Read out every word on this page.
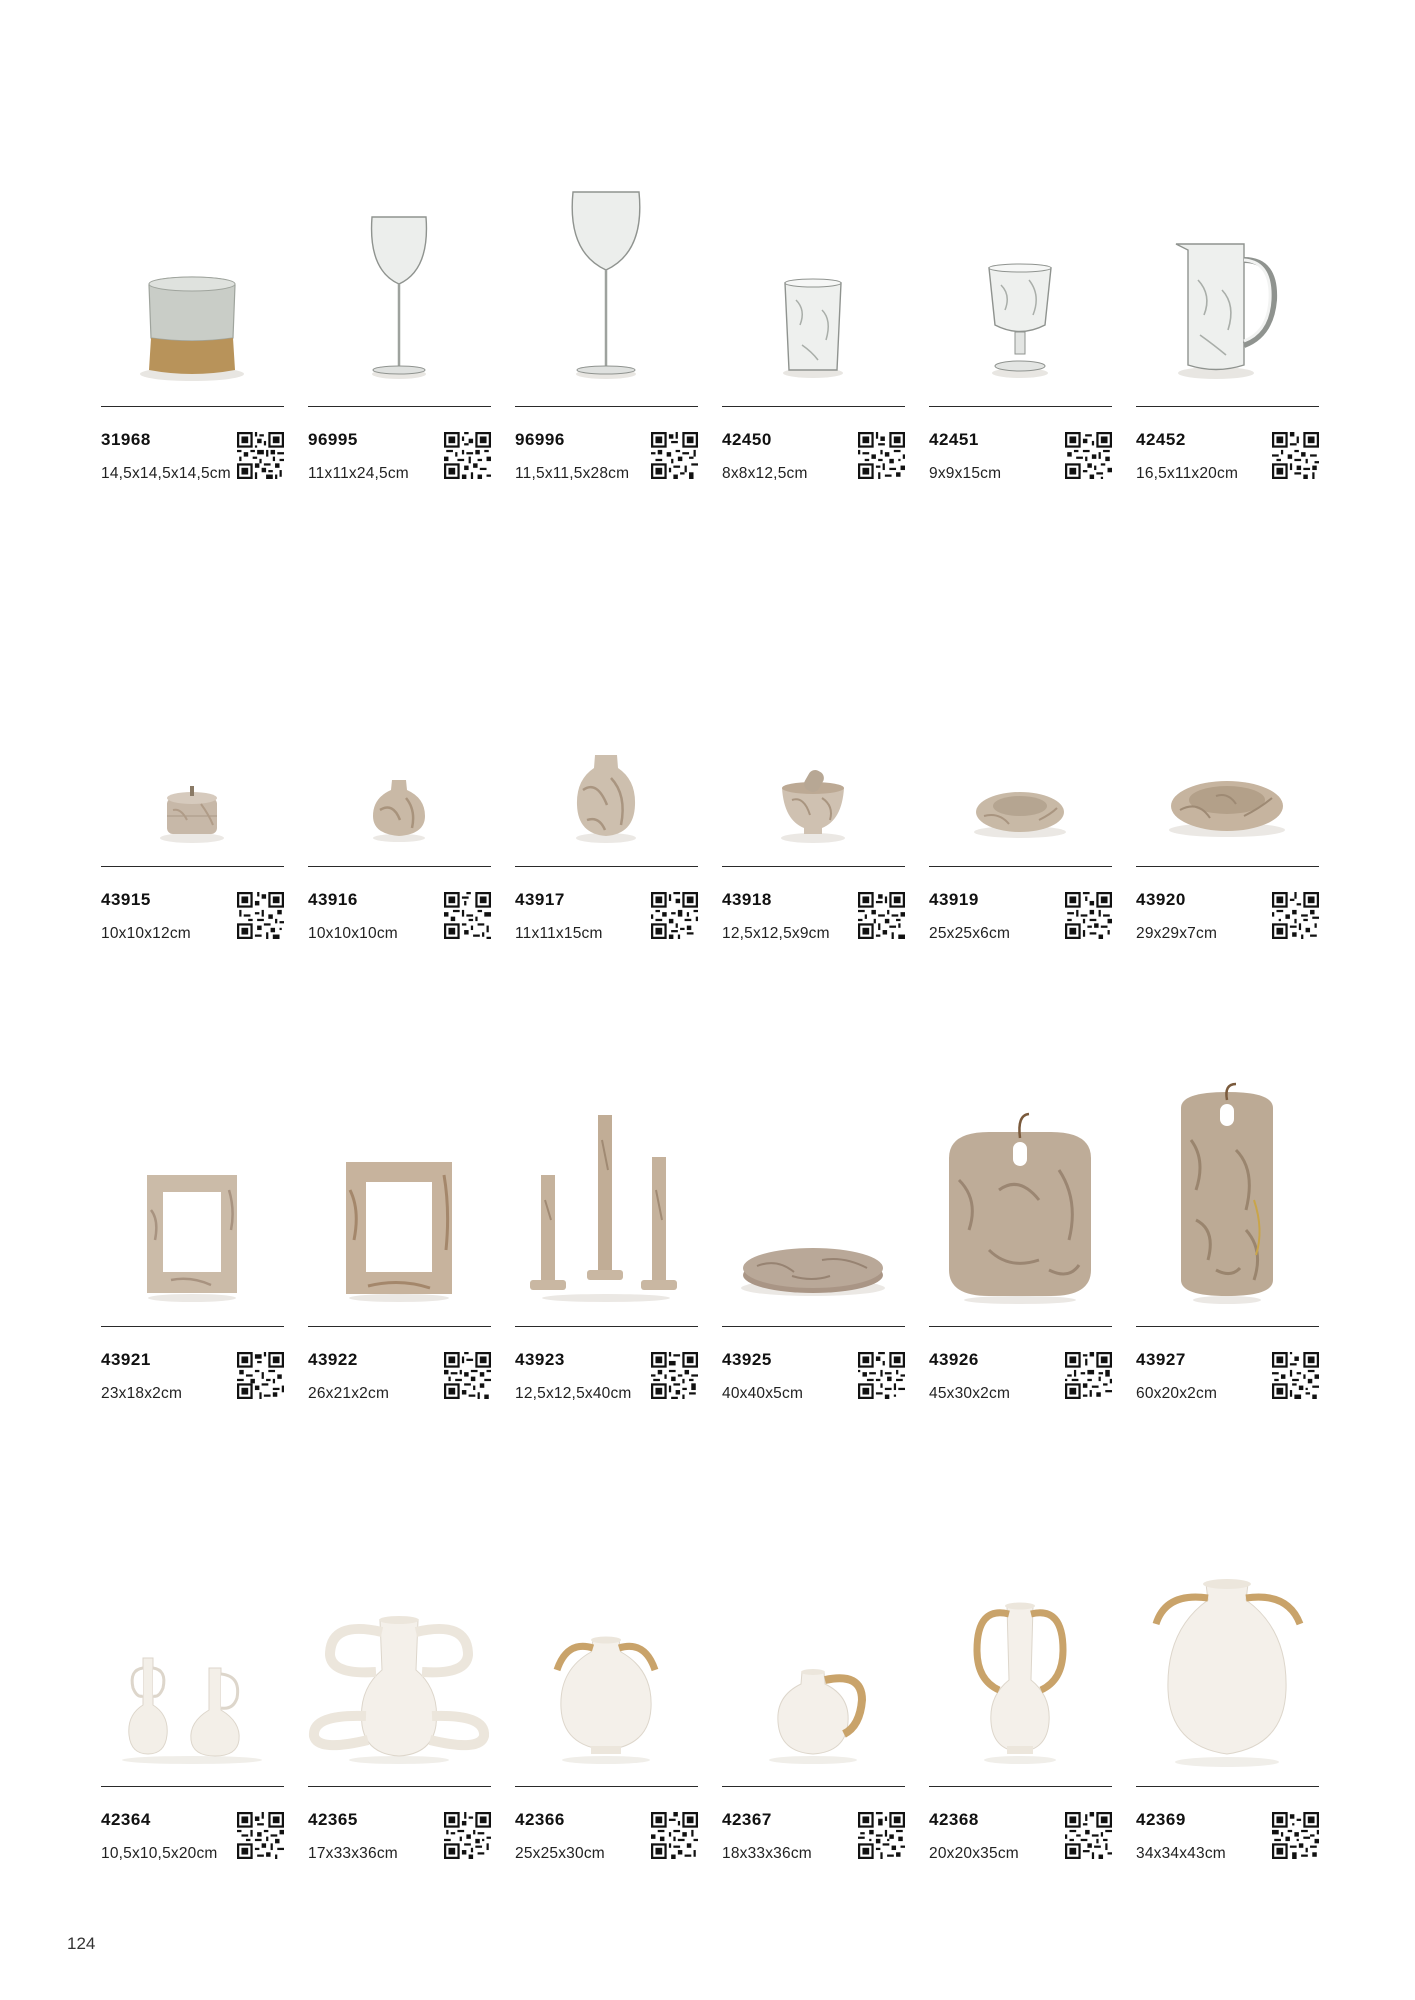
31968
14,5x14,5x14,5cm
96995
11x11x24,5cm
96996
11,5x11,5x28cm
42450
8x8x12,5cm
42451
9x9x15cm
42452
16,5x11x20cm
43915
10x10x12cm
43916
10x10x10cm
43917
11x11x15cm
43918
12,5x12,5x9cm
43919
25x25x6cm
43920
29x29x7cm
43921
23x18x2cm
43922
26x21x2cm
43923
12,5x12,5x40cm
43925
40x40x5cm
43926
45x30x2cm
43927
60x20x2cm
42364
10,5x10,5x20cm
42365
17x33x36cm
42366
25x25x30cm
42367
18x33x36cm
42368
20x20x35cm
42369
34x34x43cm
124
